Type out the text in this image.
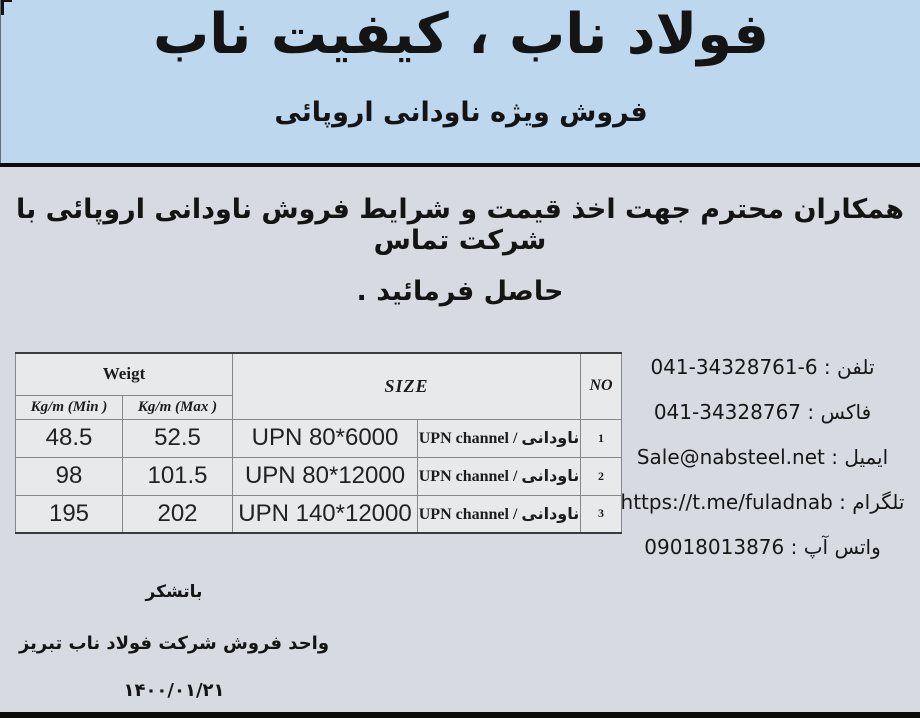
فولاد ناب ، کیفیت ناب
فروش ویژه ناودانی اروپائی
همکاران محترم جهت اخذ قیمت و شرایط فروش ناودانی اروپائی با شرکت تماس
حاصل فرمائید .
Weigt		SIZE		NO
Kg/m (Min )	Kg/m (Max )			
48.5	52.5	UPN 80*6000	UPN channel / ناودانی	1
98	101.5	UPN 80*12000	UPN channel / ناودانی	2
195	202	UPN 140*12000	UPN channel / ناودانی	3
تلفن : 041-34328761-6
فاکس : 041-34328767
ایمیل : Sale@nabsteel.net
تلگرام : https://t.me/fuladnab
واتس آپ : 09018013876
باتشکر
واحد فروش شرکت فولاد ناب تبریز
۱۴۰۰/۰۱/۲۱
